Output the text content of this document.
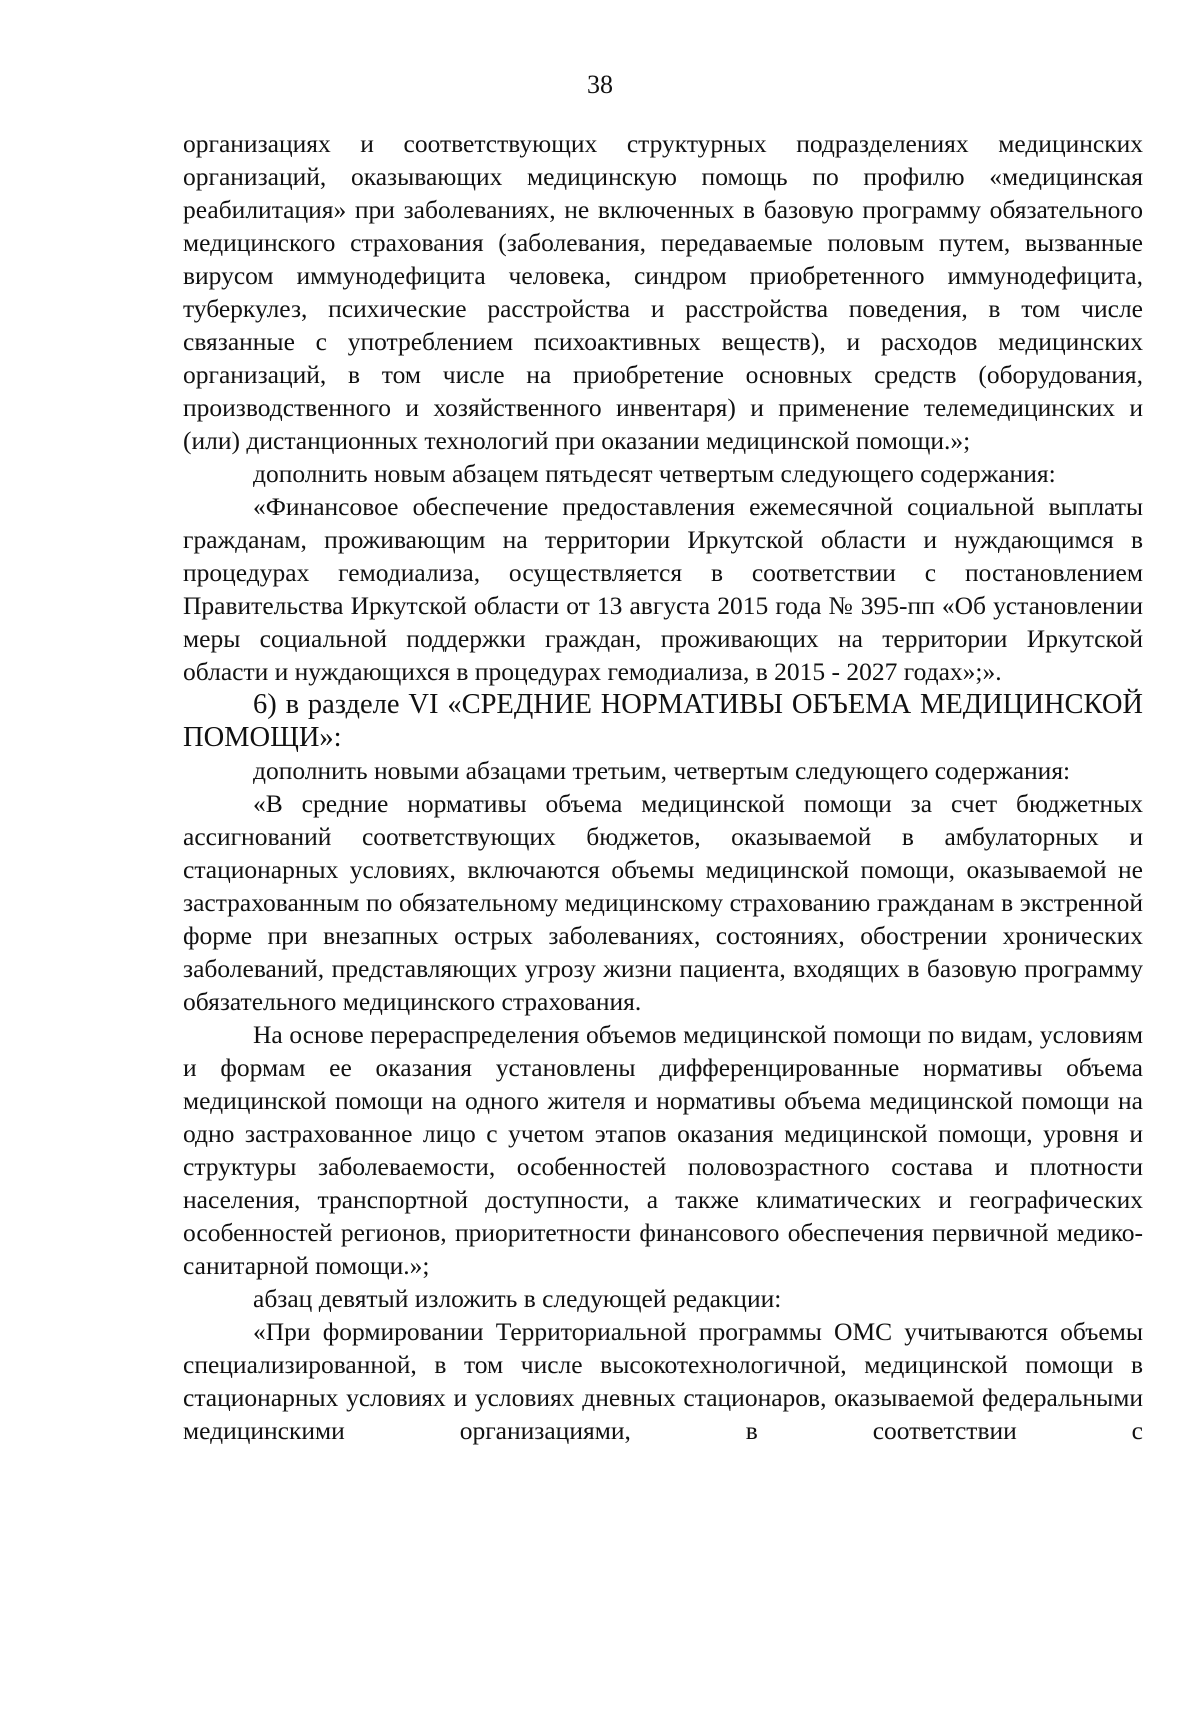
38

организациях и соответствующих структурных подразделениях медицинских организаций, оказывающих медицинскую помощь по профилю «медицинская реабилитация» при заболеваниях, не включенных в базовую программу обязательного медицинского страхования (заболевания, передаваемые половым путем, вызванные вирусом иммунодефицита человека, синдром приобретенного иммунодефицита, туберкулез, психические расстройства и расстройства поведения, в том числе связанные с употреблением психоактивных веществ), и расходов медицинских организаций, в том числе на приобретение основных средств (оборудования, производственного и хозяйственного инвентаря) и применение телемедицинских и (или) дистанционных технологий при оказании медицинской помощи.»;

дополнить новым абзацем пятьдесят четвертым следующего содержания:

«Финансовое обеспечение предоставления ежемесячной социальной выплаты гражданам, проживающим на территории Иркутской области и нуждающимся в процедурах гемодиализа, осуществляется в соответствии с постановлением Правительства Иркутской области от 13 августа 2015 года № 395-пп «Об установлении меры социальной поддержки граждан, проживающих на территории Иркутской области и нуждающихся в процедурах гемодиализа, в 2015 - 2027 годах»;».

6) в разделе VI «СРЕДНИЕ НОРМАТИВЫ ОБЪЕМА МЕДИЦИНСКОЙ ПОМОЩИ»:

дополнить новыми абзацами третьим, четвертым следующего содержания:

«В средние нормативы объема медицинской помощи за счет бюджетных ассигнований соответствующих бюджетов, оказываемой в амбулаторных и стационарных условиях, включаются объемы медицинской помощи, оказываемой не застрахованным по обязательному медицинскому страхованию гражданам в экстренной форме при внезапных острых заболеваниях, состояниях, обострении хронических заболеваний, представляющих угрозу жизни пациента, входящих в базовую программу обязательного медицинского страхования.

На основе перераспределения объемов медицинской помощи по видам, условиям и формам ее оказания установлены дифференцированные нормативы объема медицинской помощи на одного жителя и нормативы объема медицинской помощи на одно застрахованное лицо с учетом этапов оказания медицинской помощи, уровня и структуры заболеваемости, особенностей половозрастного состава и плотности населения, транспортной доступности, а также климатических и географических особенностей регионов, приоритетности финансового обеспечения первичной медико-санитарной помощи.»;

абзац девятый изложить в следующей редакции:

«При формировании Территориальной программы ОМС учитываются объемы специализированной, в том числе высокотехнологичной, медицинской помощи в стационарных условиях и условиях дневных стационаров, оказываемой федеральными медицинскими организациями, в соответствии с
